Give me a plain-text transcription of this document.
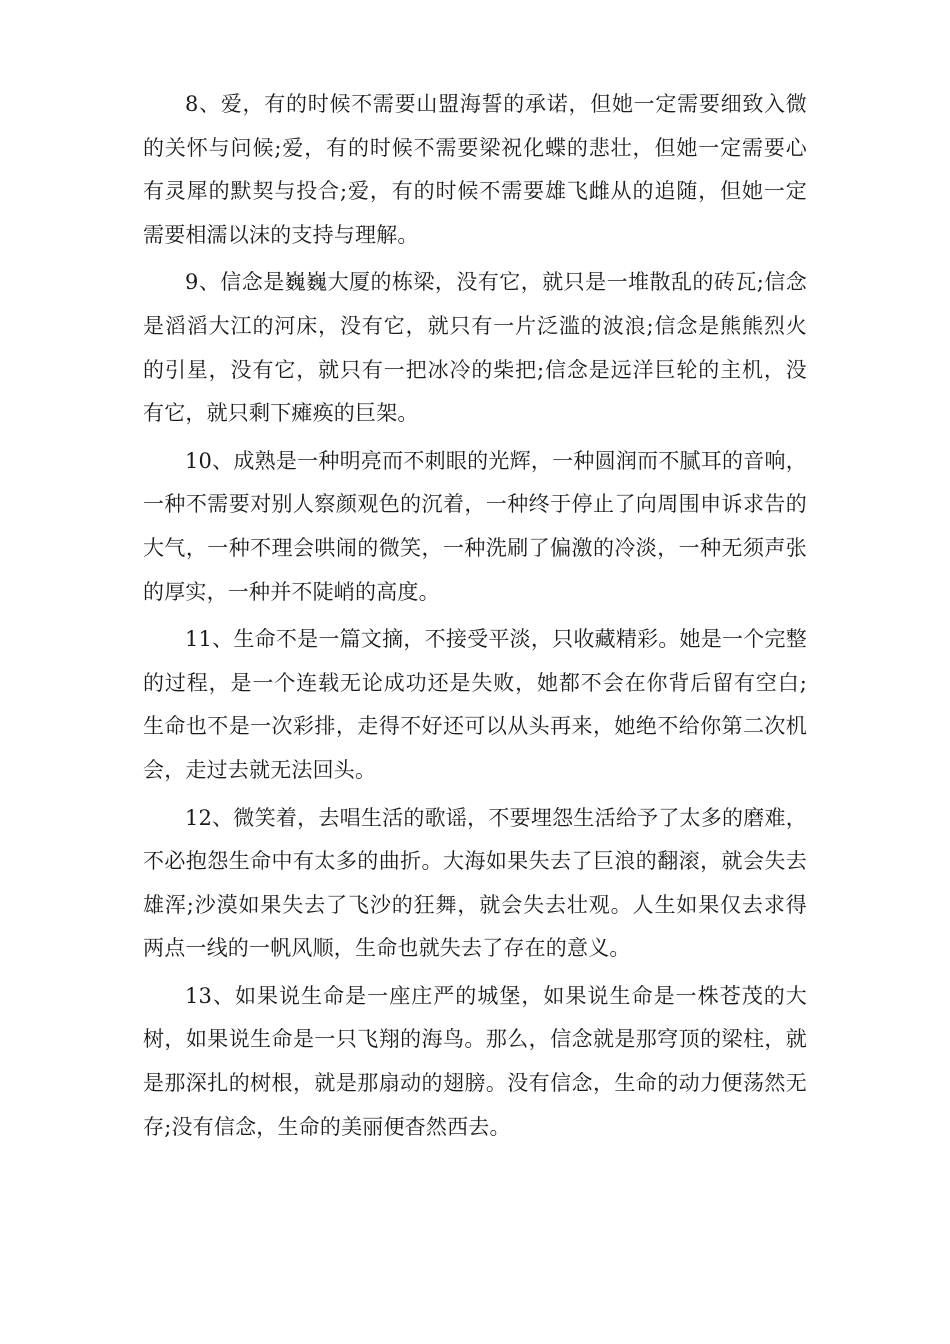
8、爱，有的时候不需要山盟海誓的承诺，但她一定需要细致入微的关怀与问候;爱，有的时候不需要梁祝化蝶的悲壮，但她一定需要心有灵犀的默契与投合;爱，有的时候不需要雄飞雌从的追随，但她一定需要相濡以沫的支持与理解。

9、信念是巍巍大厦的栋梁，没有它，就只是一堆散乱的砖瓦;信念是滔滔大江的河床，没有它，就只有一片泛滥的波浪;信念是熊熊烈火的引星，没有它，就只有一把冰冷的柴把;信念是远洋巨轮的主机，没有它，就只剩下瘫痪的巨架。

10、成熟是一种明亮而不刺眼的光辉，一种圆润而不腻耳的音响，一种不需要对别人察颜观色的沉着，一种终于停止了向周围申诉求告的大气，一种不理会哄闹的微笑，一种洗刷了偏激的冷淡，一种无须声张的厚实，一种并不陡峭的高度。

11、生命不是一篇文摘，不接受平淡，只收藏精彩。她是一个完整的过程，是一个连载无论成功还是失败，她都不会在你背后留有空白;生命也不是一次彩排，走得不好还可以从头再来，她绝不给你第二次机会，走过去就无法回头。

12、微笑着，去唱生活的歌谣，不要埋怨生活给予了太多的磨难，不必抱怨生命中有太多的曲折。大海如果失去了巨浪的翻滚，就会失去雄浑;沙漠如果失去了飞沙的狂舞，就会失去壮观。人生如果仅去求得两点一线的一帆风顺，生命也就失去了存在的意义。

13、如果说生命是一座庄严的城堡，如果说生命是一株苍茂的大树，如果说生命是一只飞翔的海鸟。那么，信念就是那穹顶的梁柱，就是那深扎的树根，就是那扇动的翅膀。没有信念，生命的动力便荡然无存;没有信念，生命的美丽便杳然西去。
